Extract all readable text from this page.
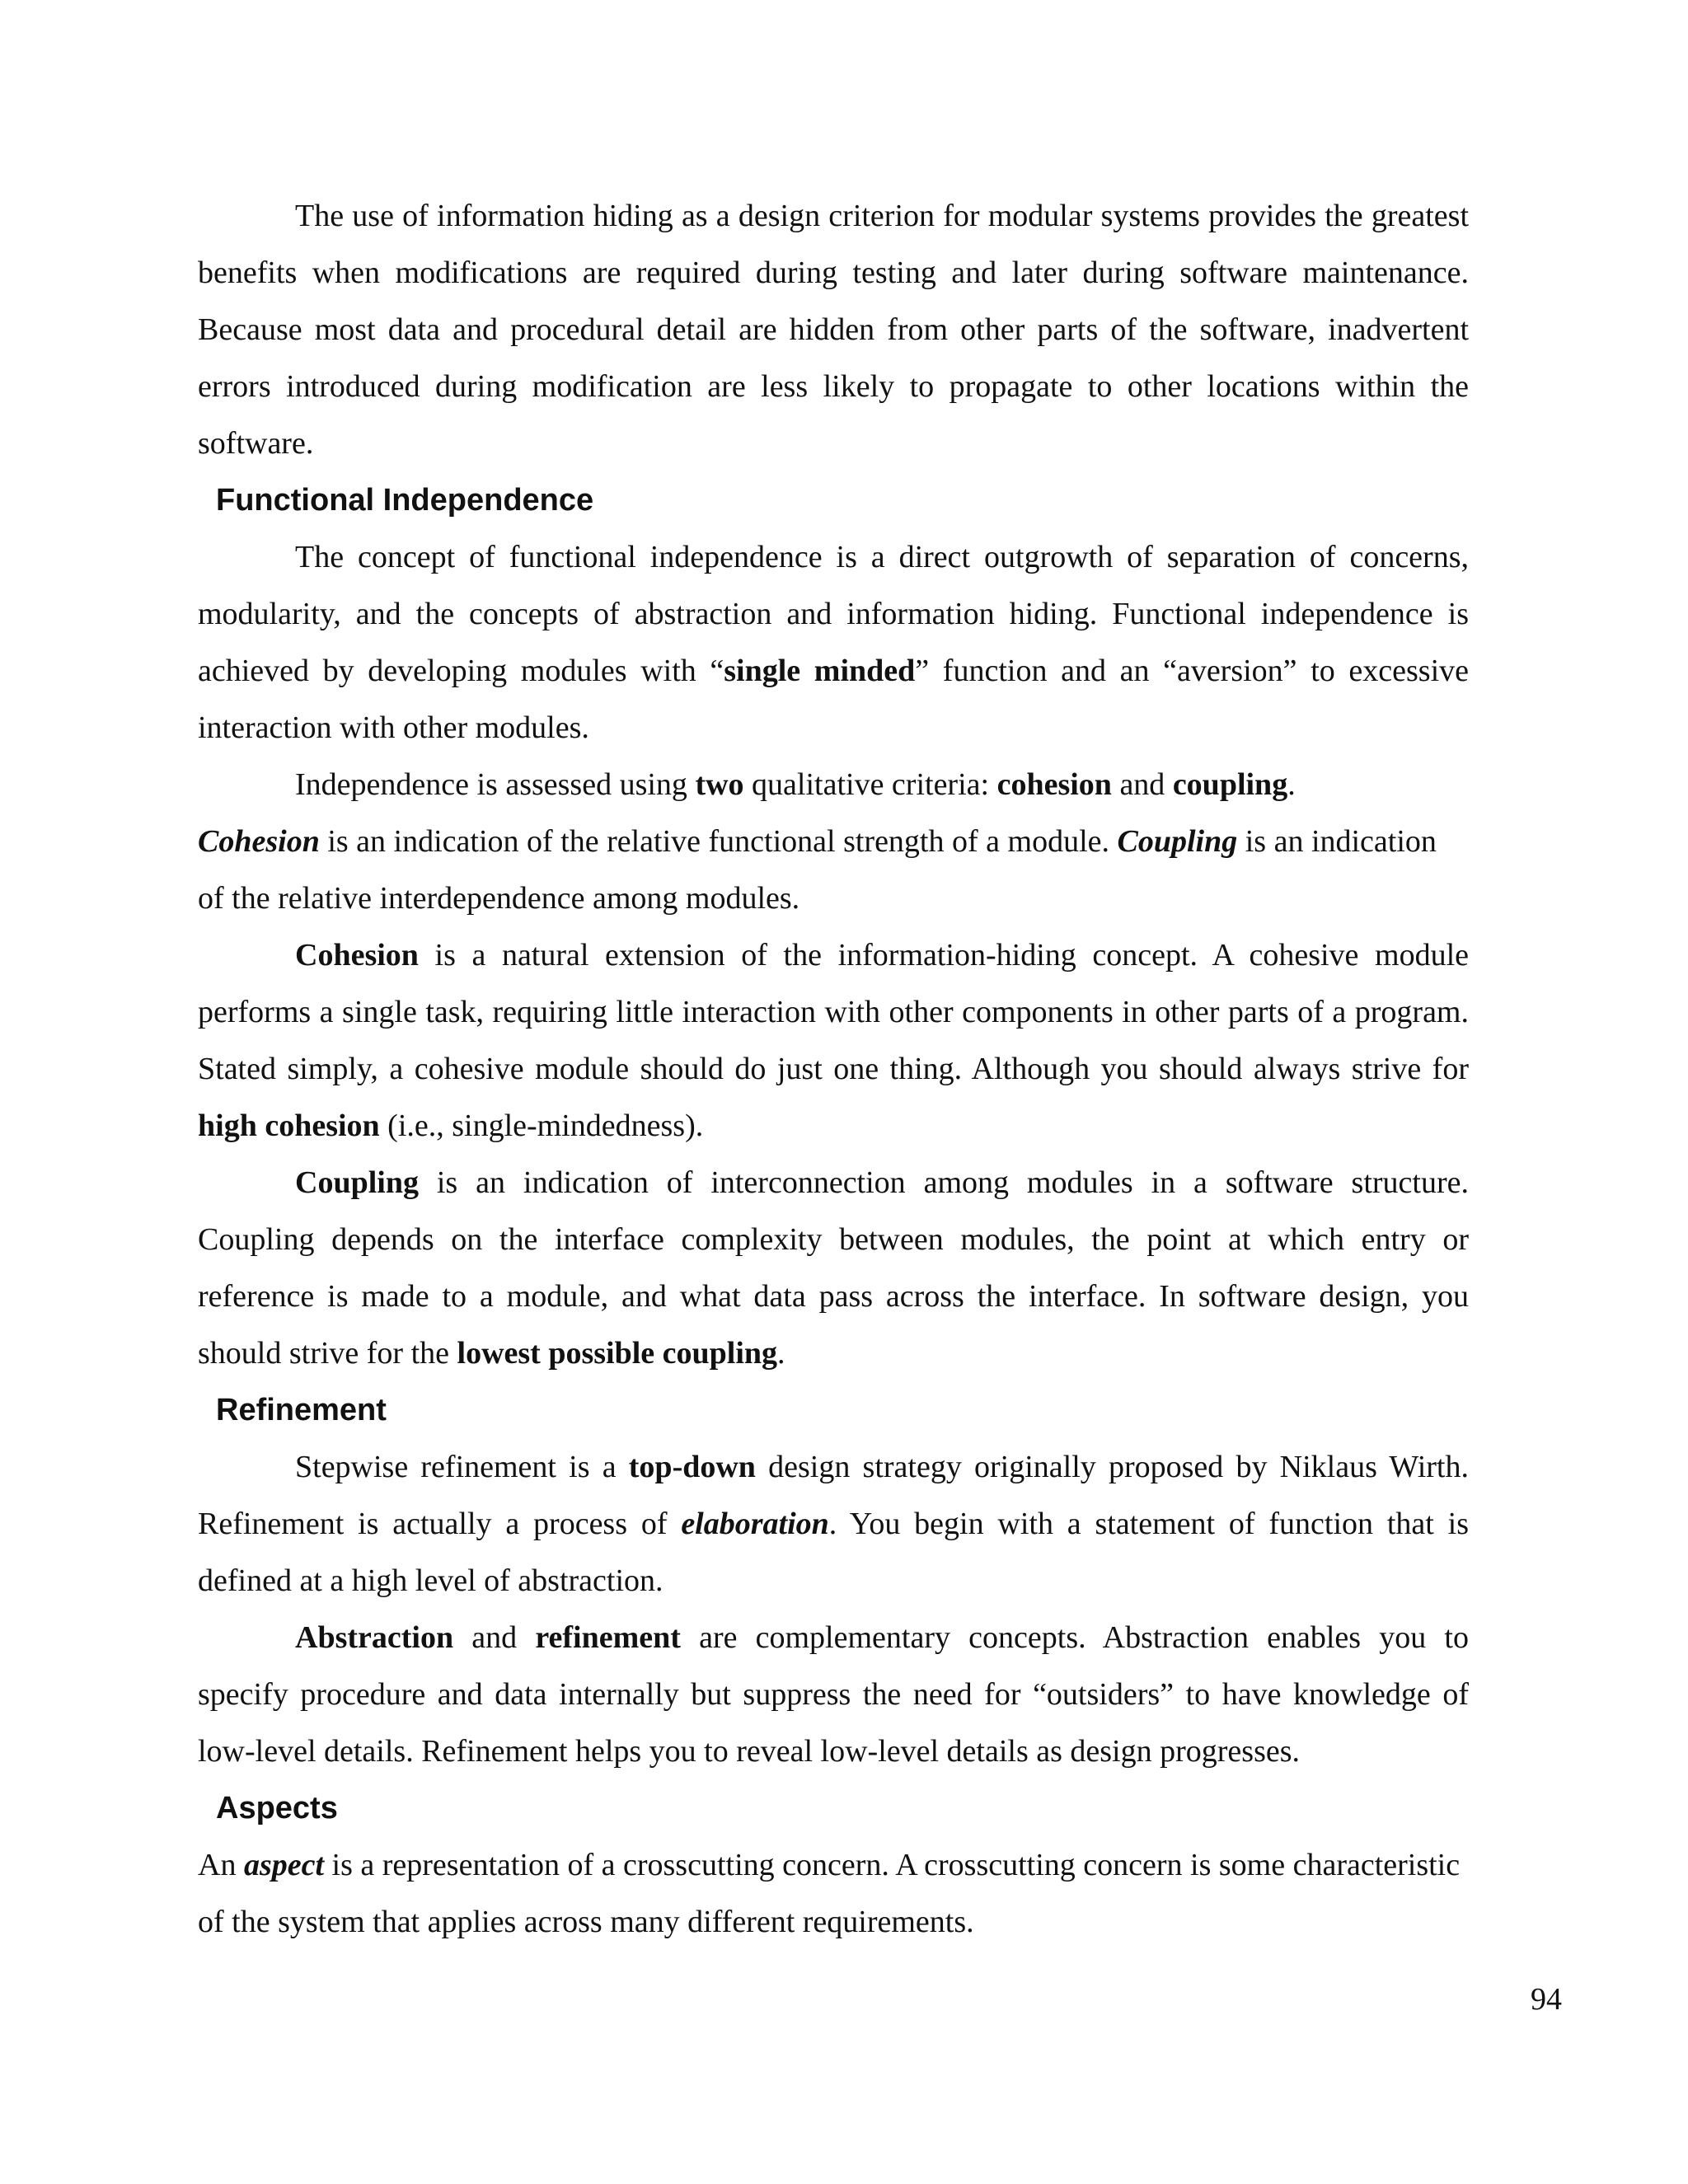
The use of information hiding as a design criterion for modular systems provides the greatest benefits when modifications are required during testing and later during software maintenance. Because most data and procedural detail are hidden from other parts of the software, inadvertent errors introduced during modification are less likely to propagate to other locations within the software.

Functional Independence

The concept of functional independence is a direct outgrowth of separation of concerns, modularity, and the concepts of abstraction and information hiding. Functional independence is achieved by developing modules with “single minded” function and an “aversion” to excessive interaction with other modules.

Independence is assessed using two qualitative criteria: cohesion and coupling.

Cohesion is an indication of the relative functional strength of a module. Coupling is an indication of the relative interdependence among modules.

Cohesion is a natural extension of the information-hiding concept. A cohesive module performs a single task, requiring little interaction with other components in other parts of a program. Stated simply, a cohesive module should do just one thing. Although you should always strive for high cohesion (i.e., single-mindedness).

Coupling is an indication of interconnection among modules in a software structure. Coupling depends on the interface complexity between modules, the point at which entry or reference is made to a module, and what data pass across the interface. In software design, you should strive for the lowest possible coupling.

Refinement

Stepwise refinement is a top-down design strategy originally proposed by Niklaus Wirth. Refinement is actually a process of elaboration. You begin with a statement of function that is defined at a high level of abstraction.

Abstraction and refinement are complementary concepts. Abstraction enables you to specify procedure and data internally but suppress the need for “outsiders” to have knowledge of low-level details. Refinement helps you to reveal low-level details as design progresses.

Aspects

An aspect is a representation of a crosscutting concern. A crosscutting concern is some characteristic of the system that applies across many different requirements.

94
